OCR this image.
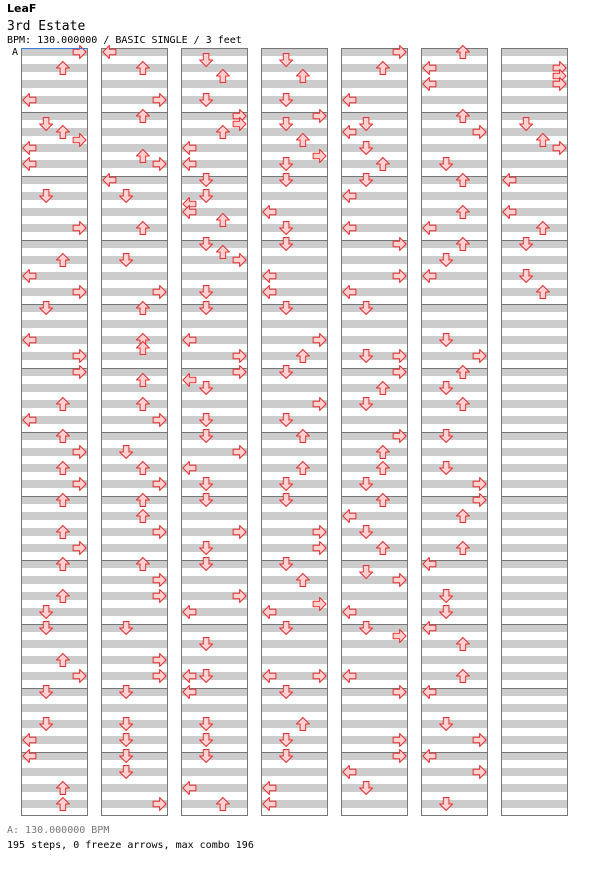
LeaF
3rd Estate
BPM: 130.000000 / BASIC SINGLE / 3 feet
A
A: 130.000000 BPM
195 steps, 0 freeze arrows, max combo 196
